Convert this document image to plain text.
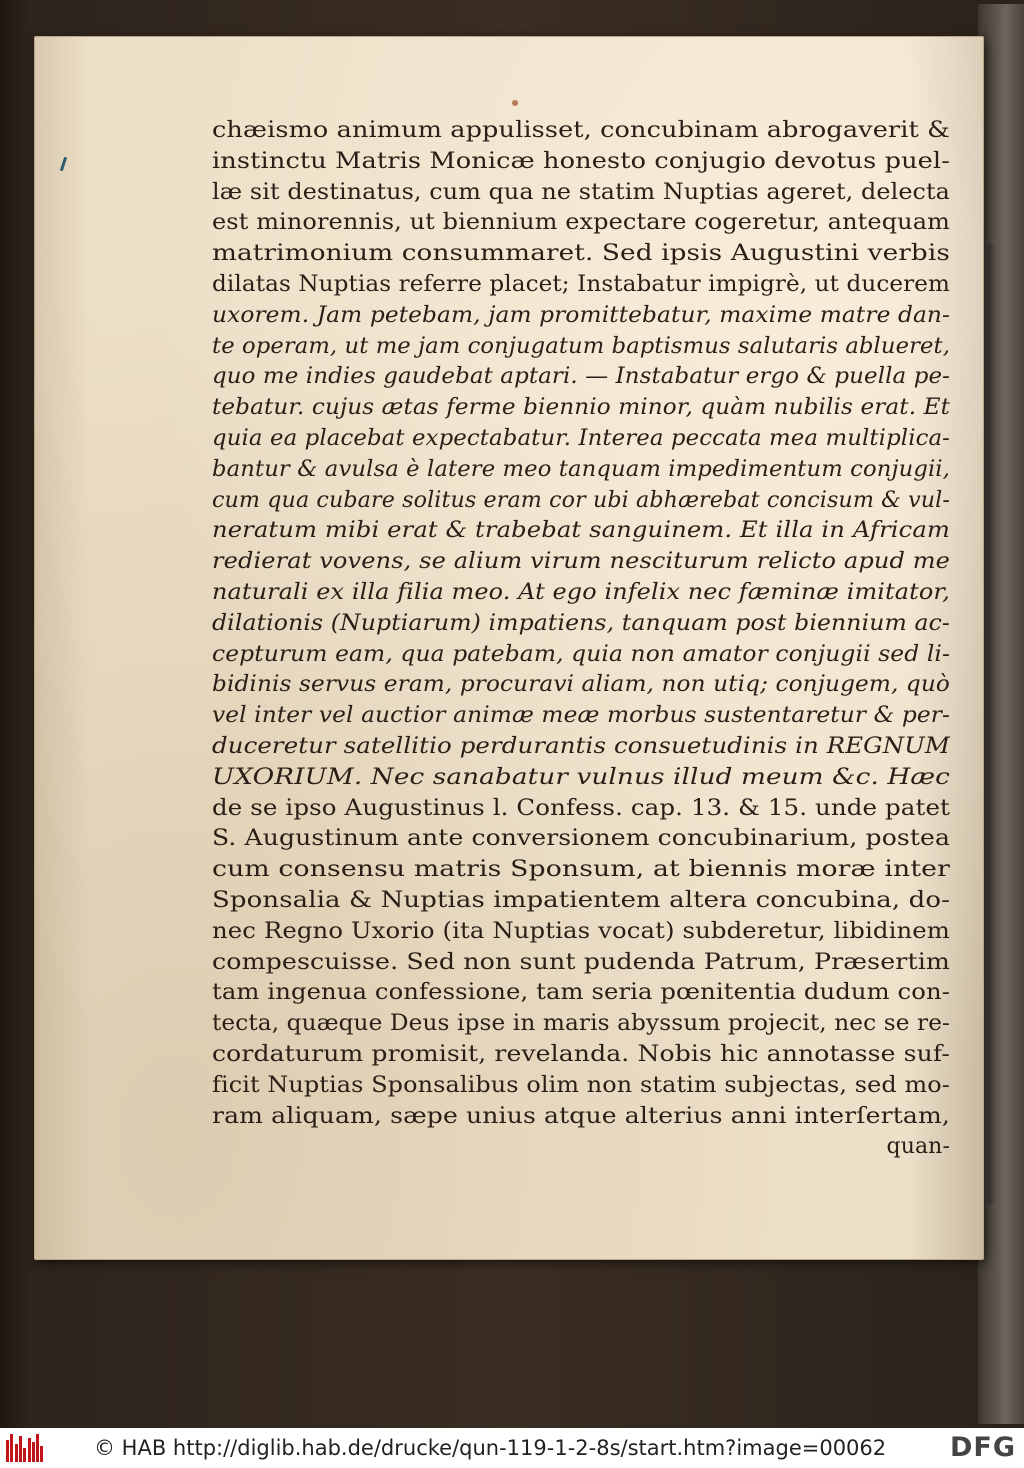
chæismo animum appulisset, concubinam abrogaverit &
instinctu Matris Monicæ honesto conjugio devotus puel-
læ sit destinatus, cum qua ne statim Nuptias ageret, delecta
est minorennis, ut biennium expectare cogeretur, antequam
matrimonium consummaret. Sed ipsis Augustini verbis
dilatas Nuptias referre placet; Instabatur impigrè, ut ducerem
uxorem. Jam petebam, jam promittebatur, maxime matre dan-
te operam, ut me jam conjugatum baptismus salutaris ablueret,
quo me indies gaudebat aptari. — Instabatur ergo & puella pe-
tebatur. cujus ætas ferme biennio minor, quàm nubilis erat. Et
quia ea placebat expectabatur. Interea peccata mea multiplica-
bantur & avulsa è latere meo tanquam impedimentum conjugii,
cum qua cubare solitus eram cor ubi abhærebat concisum & vul-
neratum mibi erat & trabebat sanguinem. Et illa in Africam
redierat vovens, se alium virum nesciturum relicto apud me
naturali ex illa filia meo. At ego infelix nec fæminæ imitator,
dilationis (Nuptiarum) impatiens, tanquam post biennium ac-
cepturum eam, qua patebam, quia non amator conjugii sed li-
bidinis servus eram, procuravi aliam, non utiq; conjugem, quò
vel inter vel auctior animæ meæ morbus sustentaretur & per-
duceretur satellitio perdurantis consuetudinis in REGNUM
UXORIUM. Nec sanabatur vulnus illud meum &c. Hæc
de se ipso Augustinus l. Confess. cap. 13. & 15. unde patet
S. Augustinum ante conversionem concubinarium, postea
cum consensu matris Sponsum, at biennis moræ inter
Sponsalia & Nuptias impatientem altera concubina, do-
nec Regno Uxorio (ita Nuptias vocat) subderetur, libidinem
compescuisse. Sed non sunt pudenda Patrum, Præsertim
tam ingenua confessione, tam seria pœnitentia dudum con-
tecta, quæque Deus ipse in maris abyssum projecit, nec se re-
cordaturum promisit, revelanda. Nobis hic annotasse suf-
ficit Nuptias Sponsalibus olim non statim subjectas, sed mo-
ram aliquam, sæpe unius atque alterius anni interſertam,
quan-
© HAB http://diglib.hab.de/drucke/qun-119-1-2-8s/start.htm?image=00062 DFG
